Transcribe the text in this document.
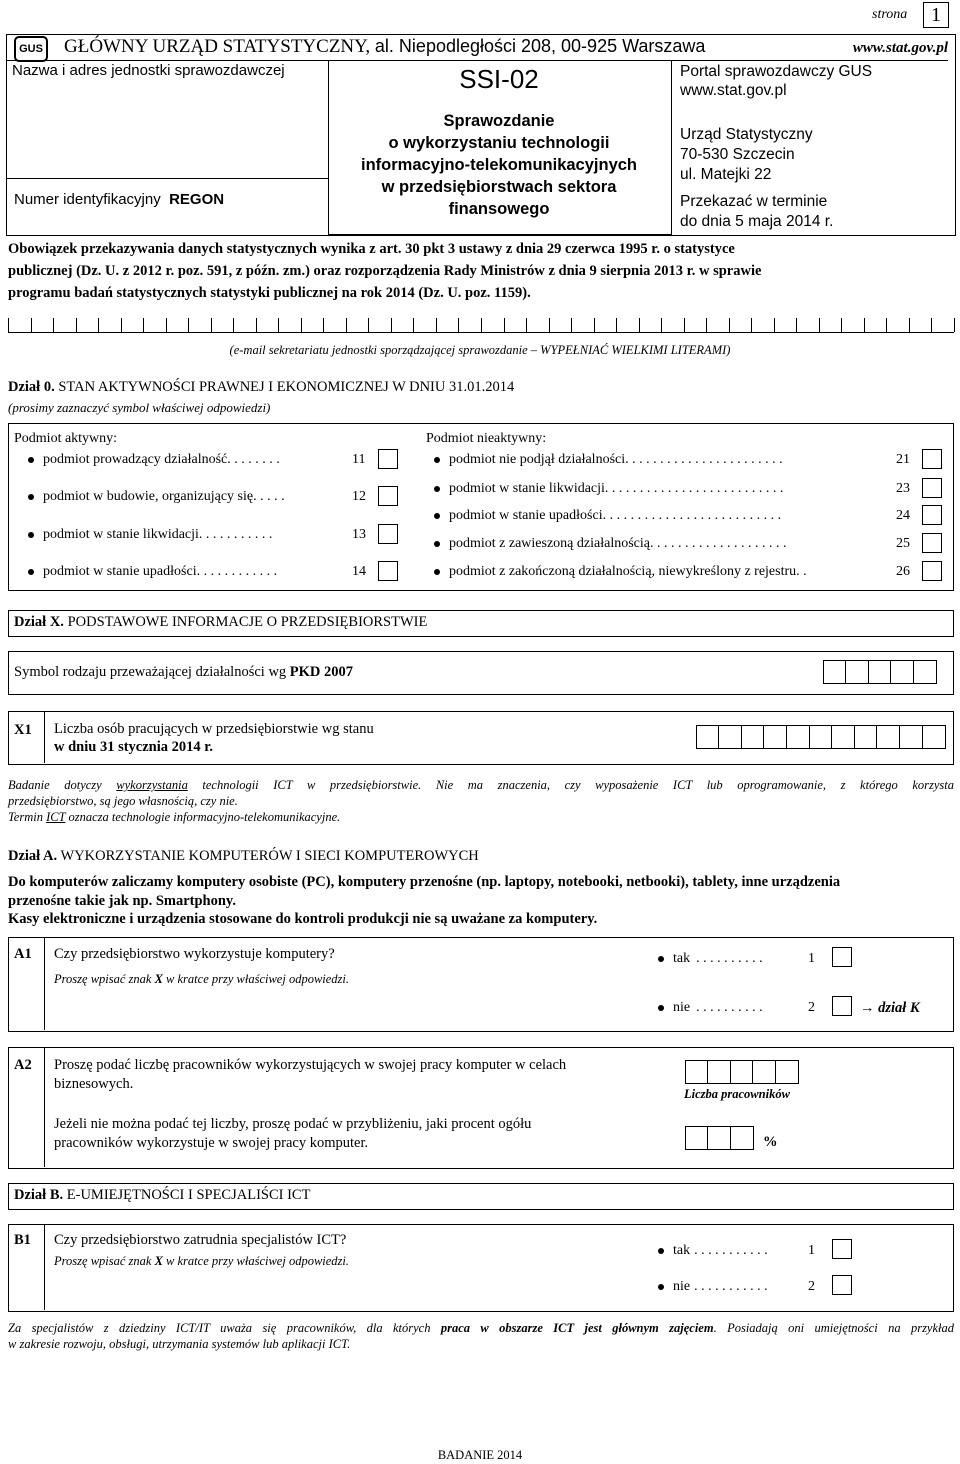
strona	1
GUS GŁÓWNY URZĄD STATYSTYCZNY, al. Niepodległości 208, 00-925 Warszawa	www.stat.gov.pl
Nazwa i adres jednostki sprawozdawczej	SSI-02
Sprawozdanie
o wykorzystaniu technologii
informacyjno-telekomunikacyjnych
w przedsiębiorstwach sektora
finansowego
Portal sprawozdawczy GUS
www.stat.gov.pl
Urząd Statystyczny
70-530 Szczecin
ul. Matejki 22
Przekazać w terminie
do dnia 5 maja 2014 r.
Numer identyfikacyjny REGON
Obowiązek przekazywania danych statystycznych wynika z art. 30 pkt 3 ustawy z dnia 29 czerwca 1995 r. o statystyce
publicznej (Dz. U. z 2012 r. poz. 591, z późn. zm.) oraz rozporządzenia Rady Ministrów z dnia 9 sierpnia 2013 r. w sprawie
programu badań statystycznych statystyki publicznej na rok 2014 (Dz. U. poz. 1159).
(e-mail sekretariatu jednostki sporządzającej sprawozdanie – WYPEŁNIAĆ WIELKIMI LITERAMI)
Dział 0. STAN AKTYWNOŚCI PRAWNEJ I EKONOMICZNEJ W DNIU 31.01.2014
(prosimy zaznaczyć symbol właściwej odpowiedzi)
Podmiot aktywny:	Podmiot nieaktywny:
podmiot prowadzący działalność. . . . . . . .	11
podmiot w budowie, organizujący się. . . . .	12
podmiot w stanie likwidacji. . . . . . . . . . .	13
podmiot w stanie upadłości. . . . . . . . . . . .	14
podmiot nie podjął działalności. . . . . . . . . . . . . . . . . . . . . . .	21
podmiot w stanie likwidacji. . . . . . . . . . . . . . . . . . . . . . . . . .	23
podmiot w stanie upadłości. . . . . . . . . . . . . . . . . . . . . . . . . .	24
podmiot z zawieszoną działalnością. . . . . . . . . . . . . . . . . . . .	25
podmiot z zakończoną działalnością, niewykreślony z rejestru. .	26
Dział X. PODSTAWOWE INFORMACJE O PRZEDSIĘBIORSTWIE
Symbol rodzaju przeważającej działalności wg PKD 2007
X1 Liczba osób pracujących w przedsiębiorstwie wg stanu
w dniu 31 stycznia 2014 r.
Badanie dotyczy wykorzystania technologii ICT w przedsiębiorstwie. Nie ma znaczenia, czy wyposażenie ICT lub oprogramowanie, z którego korzysta
przedsiębiorstwo, są jego własnością, czy nie.
Termin ICT oznacza technologie informacyjno-telekomunikacyjne.
Dział A. WYKORZYSTANIE KOMPUTERÓW I SIECI KOMPUTEROWYCH
Do komputerów zaliczamy komputery osobiste (PC), komputery przenośne (np. laptopy, notebooki, netbooki), tablety, inne urządzenia
przenośne takie jak np. Smartphony.
Kasy elektroniczne i urządzenia stosowane do kontroli produkcji nie są uważane za komputery.
A1 Czy przedsiębiorstwo wykorzystuje komputery?
Proszę wpisać znak X w kratce przy właściwej odpowiedzi.
tak . . . . . . . . . .	1
nie . . . . . . . . . .	2	→ dział K
A2 Proszę podać liczbę pracowników wykorzystujących w swojej pracy komputer w celach
biznesowych.
Jeżeli nie można podać tej liczby, proszę podać w przybliżeniu, jaki procent ogółu
pracowników wykorzystuje w swojej pracy komputer.
Liczba pracowników
%
Dział B. E-UMIEJĘTNOŚCI I SPECJALIŚCI ICT
B1 Czy przedsiębiorstwo zatrudnia specjalistów ICT?
Proszę wpisać znak X w kratce przy właściwej odpowiedzi.
tak . . . . . . . . . . .	1
nie . . . . . . . . . . .	2
Za specjalistów z dziedziny ICT/IT uważa się pracowników, dla których praca w obszarze ICT jest głównym zajęciem. Posiadają oni umiejętności na przykład
w zakresie rozwoju, obsługi, utrzymania systemów lub aplikacji ICT.
BADANIE 2014
